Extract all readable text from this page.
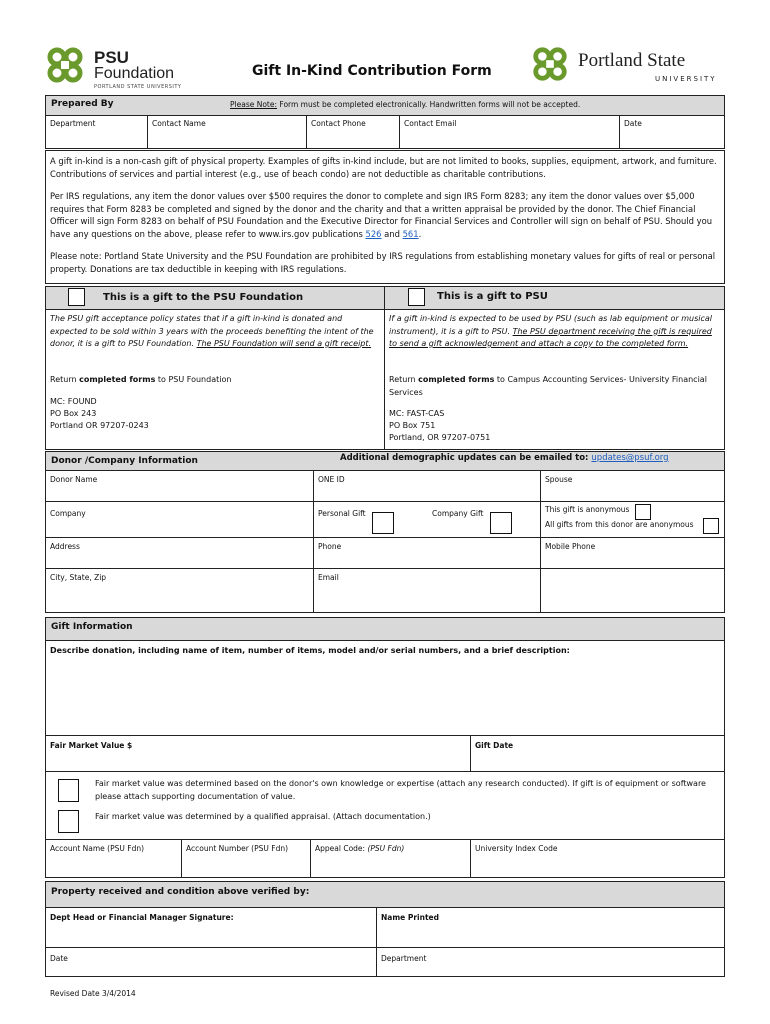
PSU
Foundation
PORTLAND STATE UNIVERSITY
Gift In-Kind Contribution Form	Portland State
UNIVERSITY
Prepared By	Please Note: Form must be completed electronically. Handwritten forms will not be accepted.
Department	Contact Name	Contact Phone	Contact Email	Date
A gift in-kind is a non-cash gift of physical property. Examples of gifts in-kind include, but are not limited to books, supplies, equipment, artwork, and furniture. Contributions of services and partial interest (e.g., use of beach condo) are not deductible as charitable contributions.
Per IRS regulations, any item the donor values over $500 requires the donor to complete and sign IRS Form 8283; any item the donor values over $5,000 requires that Form 8283 be completed and signed by the donor and the charity and that a written appraisal be provided by the donor. The Chief Financial Officer will sign Form 8283 on behalf of PSU Foundation and the Executive Director for Financial Services and Controller will sign on behalf of PSU. Should you have any questions on the above, please refer to www.irs.gov publications 526 and 561.
Please note: Portland State University and the PSU Foundation are prohibited by IRS regulations from establishing monetary values for gifts of real or personal property. Donations are tax deductible in keeping with IRS regulations.
This is a gift to the PSU Foundation	This is a gift to PSU
The PSU gift acceptance policy states that if a gift in-kind is donated and expected to be sold within 3 years with the proceeds benefiting the intent of the donor, it is a gift to PSU Foundation. The PSU Foundation will send a gift receipt.
Return completed forms to PSU Foundation
MC: FOUND
PO Box 243
Portland OR 97207-0243
If a gift in-kind is expected to be used by PSU (such as lab equipment or musical instrument), it is a gift to PSU. The PSU department receiving the gift is required to send a gift acknowledgement and attach a copy to the completed form.
Return completed forms to Campus Accounting Services- University Financial Services
MC: FAST-CAS
PO Box 751
Portland, OR 97207-0751
Donor /Company Information	Additional demographic updates can be emailed to: updates@psuf.org
Donor Name	ONE ID	Spouse
Company	Personal Gift	Company Gift	This gift is anonymous
All gifts from this donor are anonymous
Address	Phone	Mobile Phone
City, State, Zip	Email
Gift Information
Describe donation, including name of item, number of items, model and/or serial numbers, and a brief description:
Fair Market Value $	Gift Date
Fair market value was determined based on the donor's own knowledge or expertise (attach any research conducted). If gift is of equipment or software please attach supporting documentation of value.
Fair market value was determined by a qualified appraisal. (Attach documentation.)
Account Name (PSU Fdn)	Account Number (PSU Fdn)	Appeal Code: (PSU Fdn)	University Index Code
Property received and condition above verified by:
Dept Head or Financial Manager Signature:	Name Printed
Date	Department
Revised Date 3/4/2014
